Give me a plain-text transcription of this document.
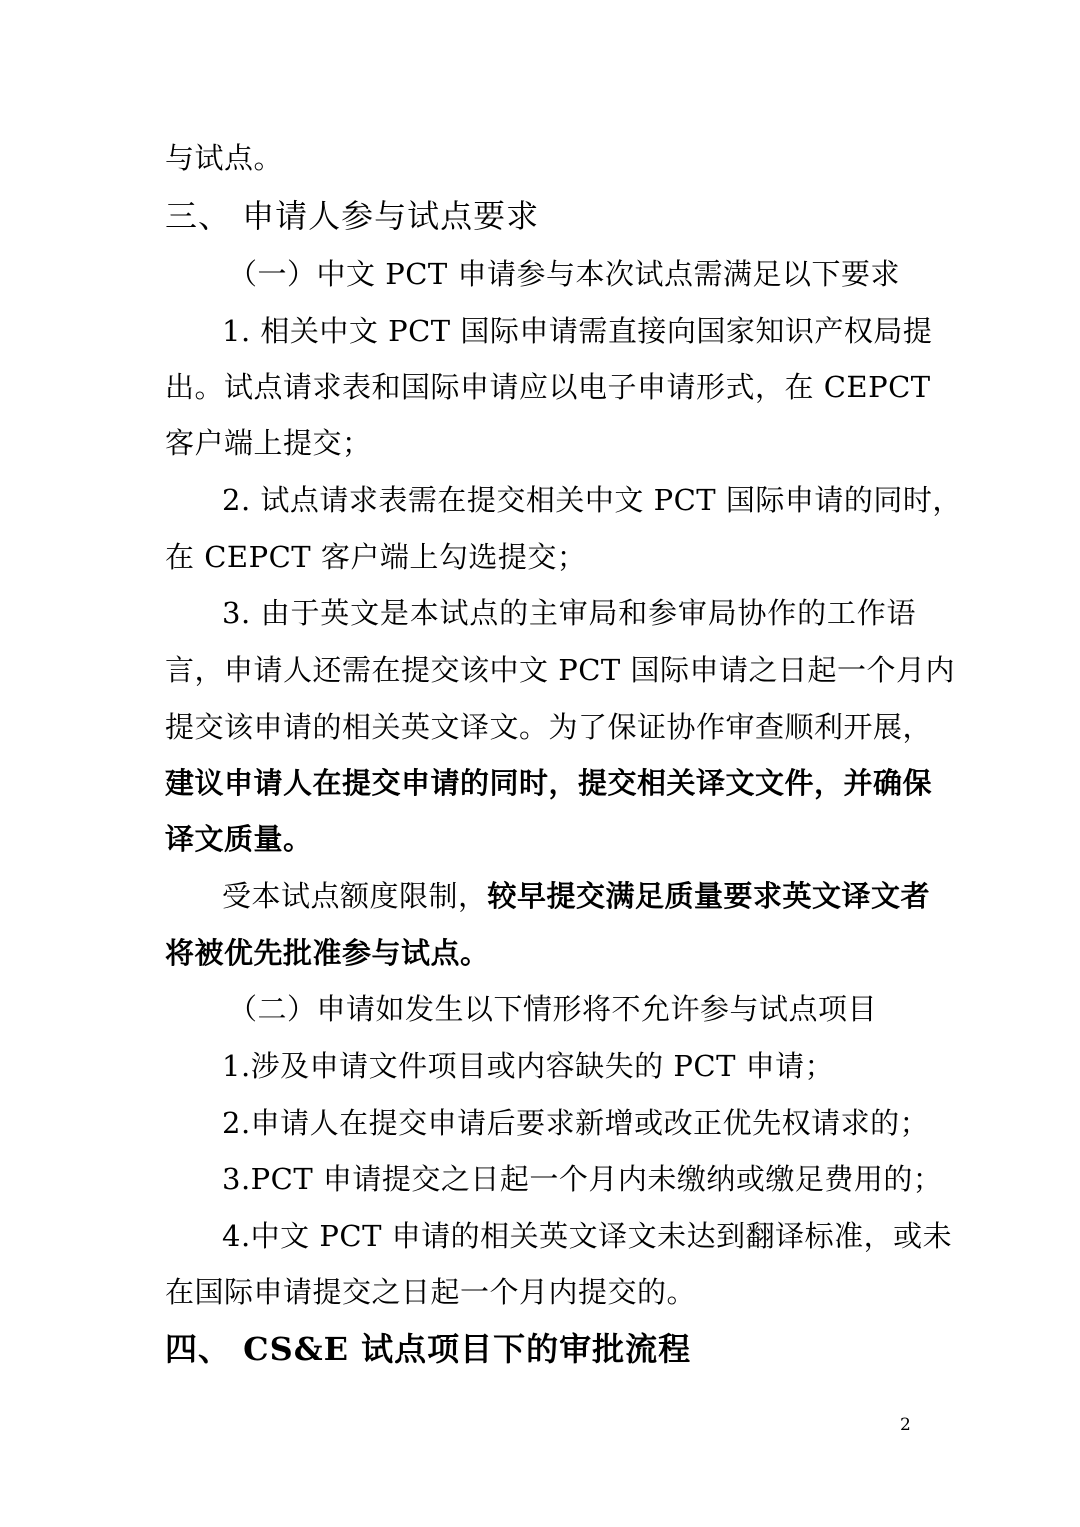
与试点。
三、 申请人参与试点要求
（一）中文 PCT 申请参与本次试点需满足以下要求
1. 相关中文 PCT 国际申请需直接向国家知识产权局提
出。试点请求表和国际申请应以电子申请形式，在 CEPCT
客户端上提交；
2. 试点请求表需在提交相关中文 PCT 国际申请的同时，
在 CEPCT 客户端上勾选提交；
3. 由于英文是本试点的主审局和参审局协作的工作语
言，申请人还需在提交该中文 PCT 国际申请之日起一个月内
提交该申请的相关英文译文。为了保证协作审查顺利开展，
建议申请人在提交申请的同时，提交相关译文文件，并确保
译文质量。
受本试点额度限制，较早提交满足质量要求英文译文者
将被优先批准参与试点。
（二）申请如发生以下情形将不允许参与试点项目
1.涉及申请文件项目或内容缺失的 PCT 申请；
2.申请人在提交申请后要求新增或改正优先权请求的；
3.PCT 申请提交之日起一个月内未缴纳或缴足费用的；
4.中文 PCT 申请的相关英文译文未达到翻译标准，或未
在国际申请提交之日起一个月内提交的。
四、 CS&E 试点项目下的审批流程
2
